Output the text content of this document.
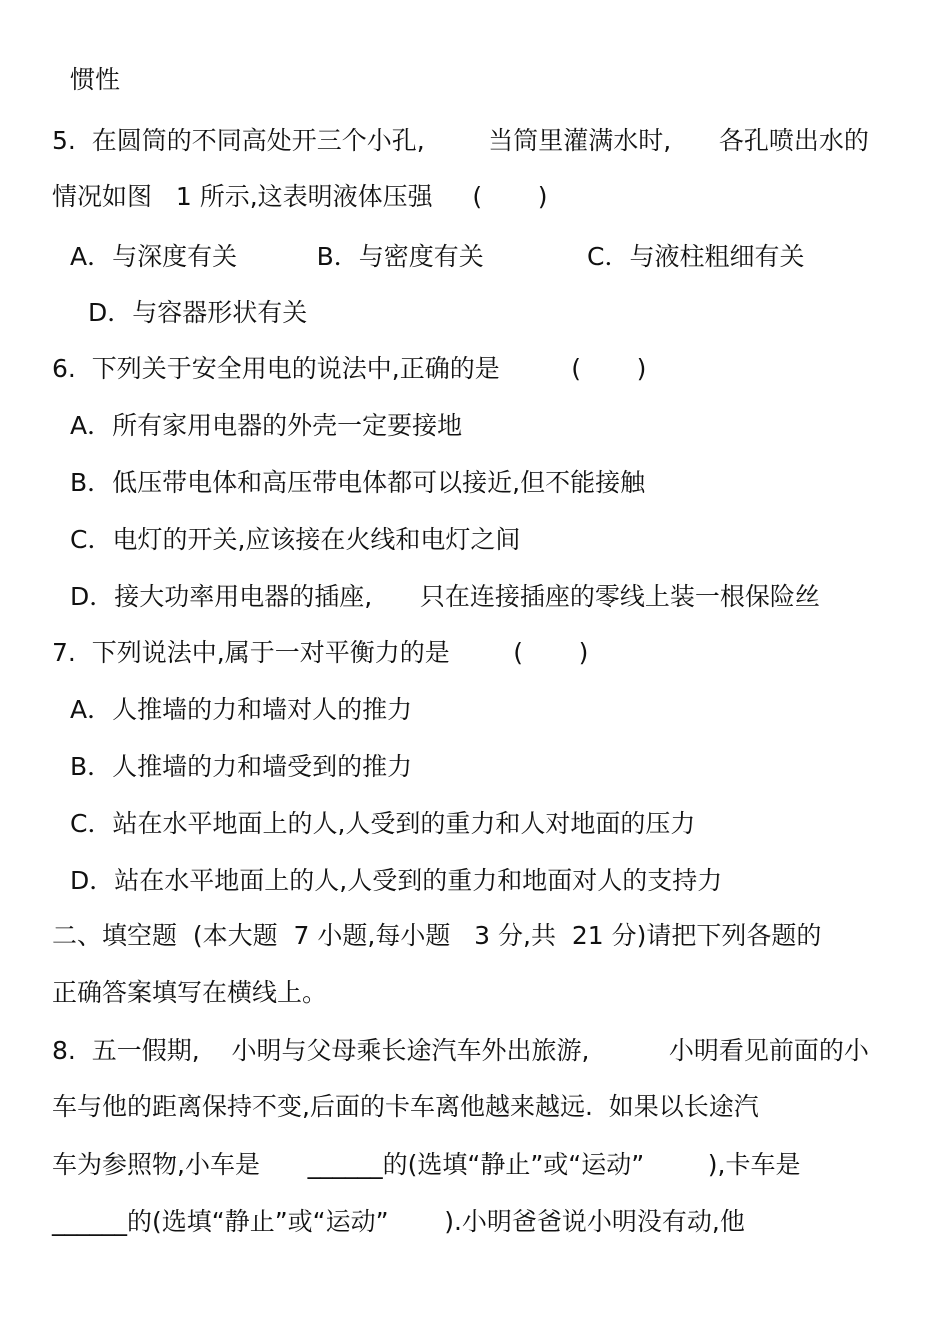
惯性
5.  在圆筒的不同高处开三个小孔,        当筒里灌满水时,      各孔喷出水的
情况如图   1 所示,这表明液体压强     (       )
A．与深度有关          B．与密度有关             C．与液柱粗细有关
D．与容器形状有关
6.  下列关于安全用电的说法中,正确的是         (       )
A．所有家用电器的外壳一定要接地
B．低压带电体和高压带电体都可以接近,但不能接触
C．电灯的开关,应该接在火线和电灯之间
D．接大功率用电器的插座,      只在连接插座的零线上装一根保险丝
7.  下列说法中,属于一对平衡力的是        (       )
A．人推墙的力和墙对人的推力
B．人推墙的力和墙受到的推力
C．站在水平地面上的人,人受到的重力和人对地面的压力
D．站在水平地面上的人,人受到的重力和地面对人的支持力
二、填空题  (本大题  7 小题,每小题   3 分,共  21 分)请把下列各题的
正确答案填写在横线上。
8.  五一假期,    小明与父母乘长途汽车外出旅游,          小明看见前面的小
车与他的距离保持不变,后面的卡车离他越来越远.  如果以长途汽
车为参照物,小车是      ______的(选填“静止”或“运动”        ),卡车是
______的(选填“静止”或“运动”       ).小明爸爸说小明没有动,他
